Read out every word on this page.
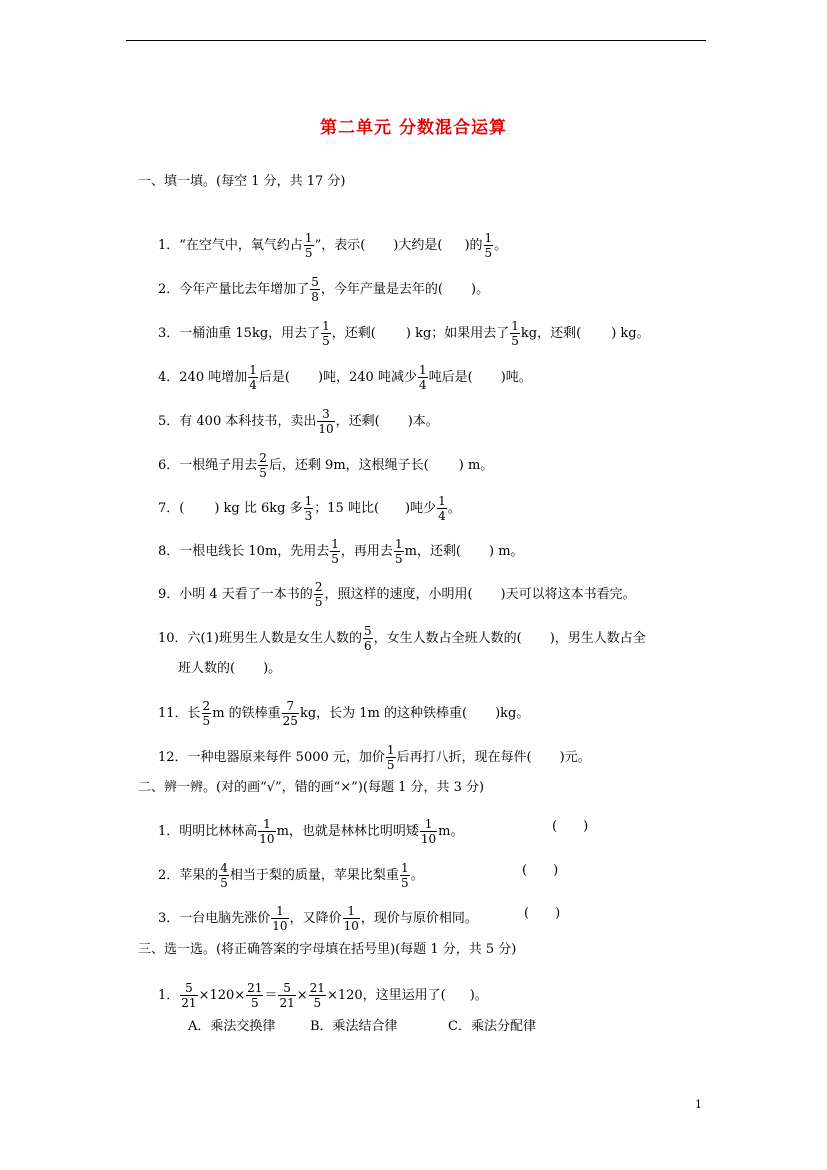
第二单元 分数混合运算
一、填一填。(每空 1 分，共 17 分)
1．“在空气中，氧气约占 $\frac{1}{5}$ ”，表示( )大约是( )的 $\frac{1}{5}$ 。
2．今年产量比去年增加了 $\frac{5}{8}$ ，今年产量是去年的( )。
3．一桶油重 15kg，用去了 $\frac{1}{5}$ ，还剩( ) kg；如果用去了 $\frac{1}{5}$ kg，还剩( ) kg。
4．240 吨增加 $\frac{1}{4}$ 后是( )吨，240 吨减少 $\frac{1}{4}$ 吨后是( )吨。
5．有 400 本科技书，卖出 $\frac{3}{10}$ ，还剩( )本。
6．一根绳子用去 $\frac{2}{5}$ 后，还剩 9m，这根绳子长( ) m。
7．( ) kg 比 6kg 多 $\frac{1}{3}$ ；15 吨比( )吨少 $\frac{1}{4}$ 。
8．一根电线长 10m，先用去 $\frac{1}{5}$ ，再用去 $\frac{1}{5}$ m，还剩( ) m。
9．小明 4 天看了一本书的 $\frac{2}{5}$ ，照这样的速度，小明用( )天可以将这本书看完。
10．六(1)班男生人数是女生人数的 $\frac{5}{6}$ ，女生人数占全班人数的( )，男生人数占全
班人数的( )。
11．长 $\frac{2}{5}$ m 的铁棒重 $\frac{7}{25}$ kg，长为 1m 的这种铁棒重( )kg。
12．一种电器原来每件 5000 元，加价 $\frac{1}{5}$ 后再打八折，现在每件( )元。
二、辨一辨。(对的画“√”，错的画“×”)(每题 1 分，共 3 分)
1．明明比林林高 $\frac{1}{10}$ m，也就是林林比明明矮 $\frac{1}{10}$ m。	(　　)
2．苹果的 $\frac{4}{5}$ 相当于梨的质量，苹果比梨重 $\frac{1}{5}$ 。	(　　)
3．一台电脑先涨价 $\frac{1}{10}$ ，又降价 $\frac{1}{10}$ ，现价与原价相同。	(　　)
三、选一选。(将正确答案的字母填在括号里)(每题 1 分，共 5 分)
1． $\frac{5}{21} \times 120\times \frac{21}{5} = \frac{5}{21} \times \frac{21}{5} \times 120$，这里运用了( )。
A．乘法交换律	B．乘法结合律	C．乘法分配律
1
